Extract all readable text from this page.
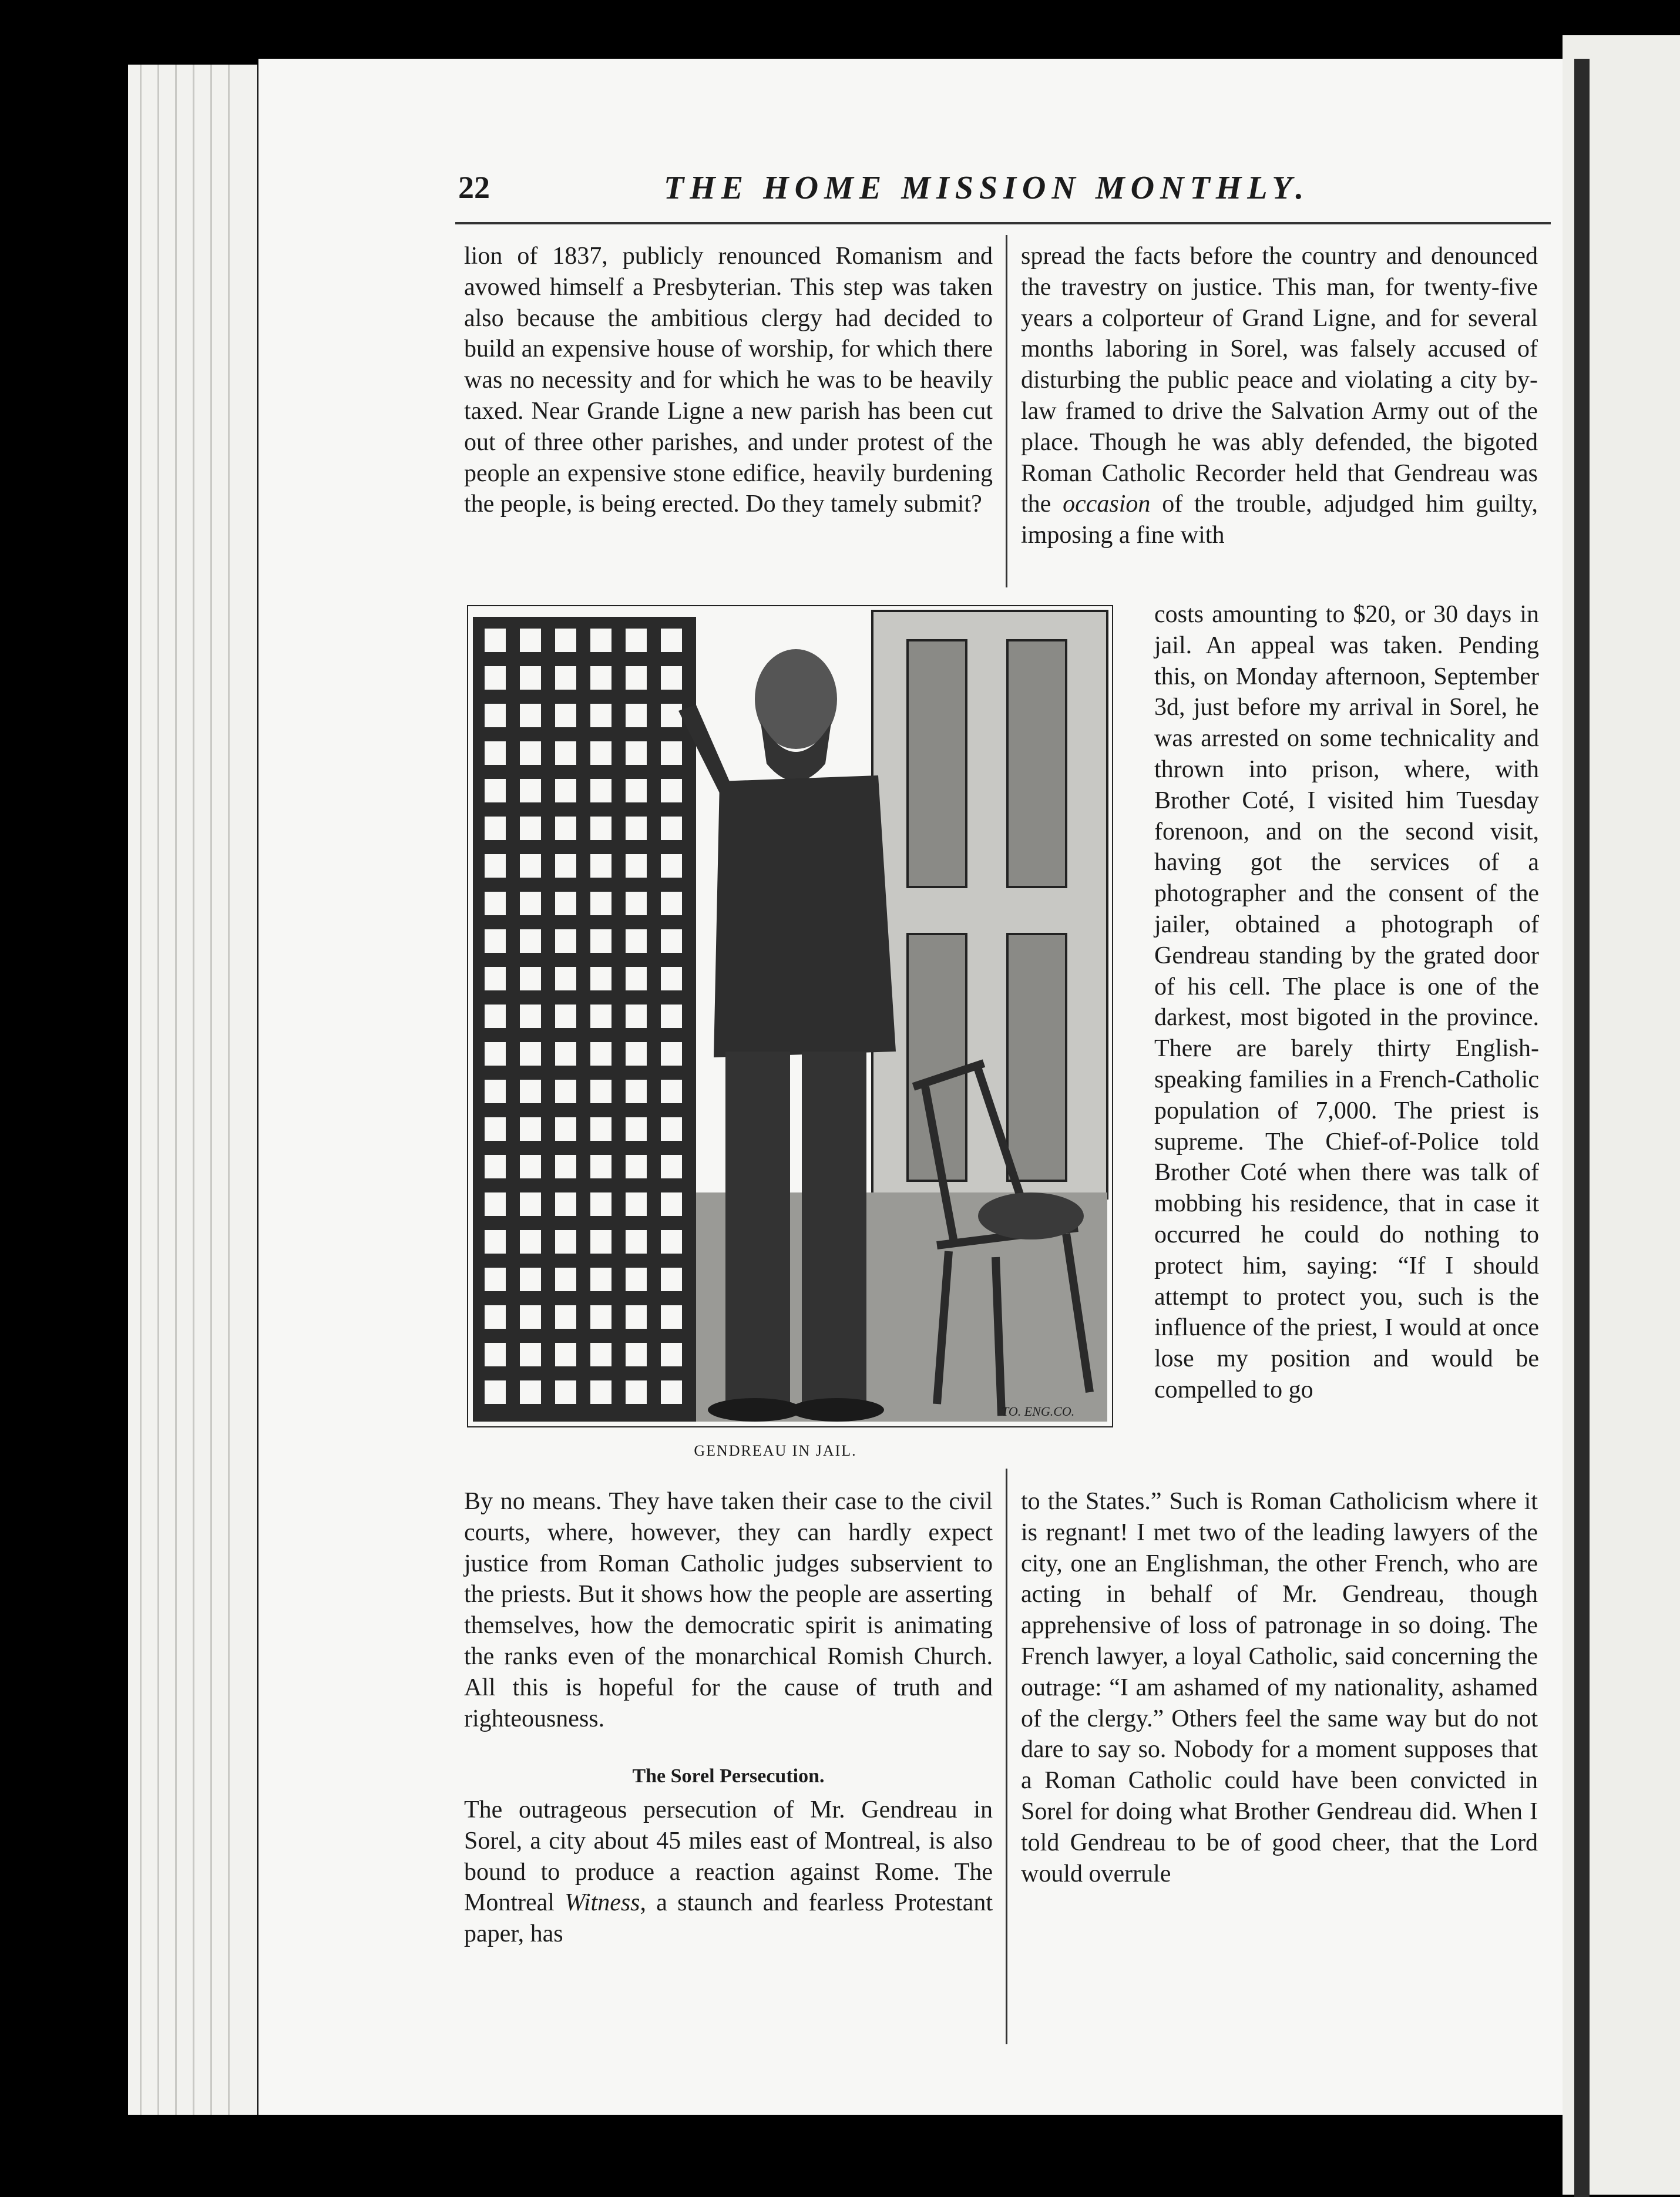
22	THE HOME MISSION MONTHLY.
lion of 1837, publicly renounced Romanism and avowed himself a Presbyterian. This step was taken also because the ambitious clergy had decided to build an expensive house of worship, for which there was no necessity and for which he was to be heavily taxed. Near Grande Ligne a new parish has been cut out of three other parishes, and under protest of the people an expensive stone edifice, heavily burdening the people, is being erected. Do they tamely submit?
spread the facts before the country and denounced the travestry on justice. This man, for twenty-five years a colporteur of Grand Ligne, and for several months laboring in Sorel, was falsely accused of disturbing the public peace and violating a city by-law framed to drive the Salvation Army out of the place. Though he was ably defended, the bigoted Roman Catholic Recorder held that Gendreau was the occasion of the trouble, adjudged him guilty, imposing a fine with
TO. ENG.CO.
GENDREAU IN JAIL.
costs amounting to $20, or 30 days in jail. An appeal was taken. Pending this, on Monday afternoon, September 3d, just before my arrival in Sorel, he was arrested on some technicality and thrown into prison, where, with Brother Coté, I visited him Tuesday forenoon, and on the second visit, having got the services of a photographer and the consent of the jailer, obtained a photograph of Gendreau standing by the grated door of his cell. The place is one of the darkest, most bigoted in the province. There are barely thirty English-speaking families in a French-Catholic population of 7,000. The priest is supreme. The Chief-of-Police told Brother Coté when there was talk of mobbing his residence, that in case it occurred he could do nothing to protect him, saying: “If I should attempt to protect you, such is the influence of the priest, I would at once lose my position and would be compelled to go
By no means. They have taken their case to the civil courts, where, however, they can hardly expect justice from Roman Catholic judges subservient to the priests. But it shows how the people are asserting themselves, how the democratic spirit is animating the ranks even of the monarchical Romish Church. All this is hopeful for the cause of truth and righteousness.
The Sorel Persecution.
The outrageous persecution of Mr. Gendreau in Sorel, a city about 45 miles east of Montreal, is also bound to produce a reaction against Rome. The Montreal Witness, a staunch and fearless Protestant paper, has
to the States.” Such is Roman Catholicism where it is regnant! I met two of the leading lawyers of the city, one an Englishman, the other French, who are acting in behalf of Mr. Gendreau, though apprehensive of loss of patronage in so doing. The French lawyer, a loyal Catholic, said concerning the outrage: “I am ashamed of my nationality, ashamed of the clergy.” Others feel the same way but do not dare to say so. Nobody for a moment supposes that a Roman Catholic could have been convicted in Sorel for doing what Brother Gendreau did. When I told Gendreau to be of good cheer, that the Lord would overrule
